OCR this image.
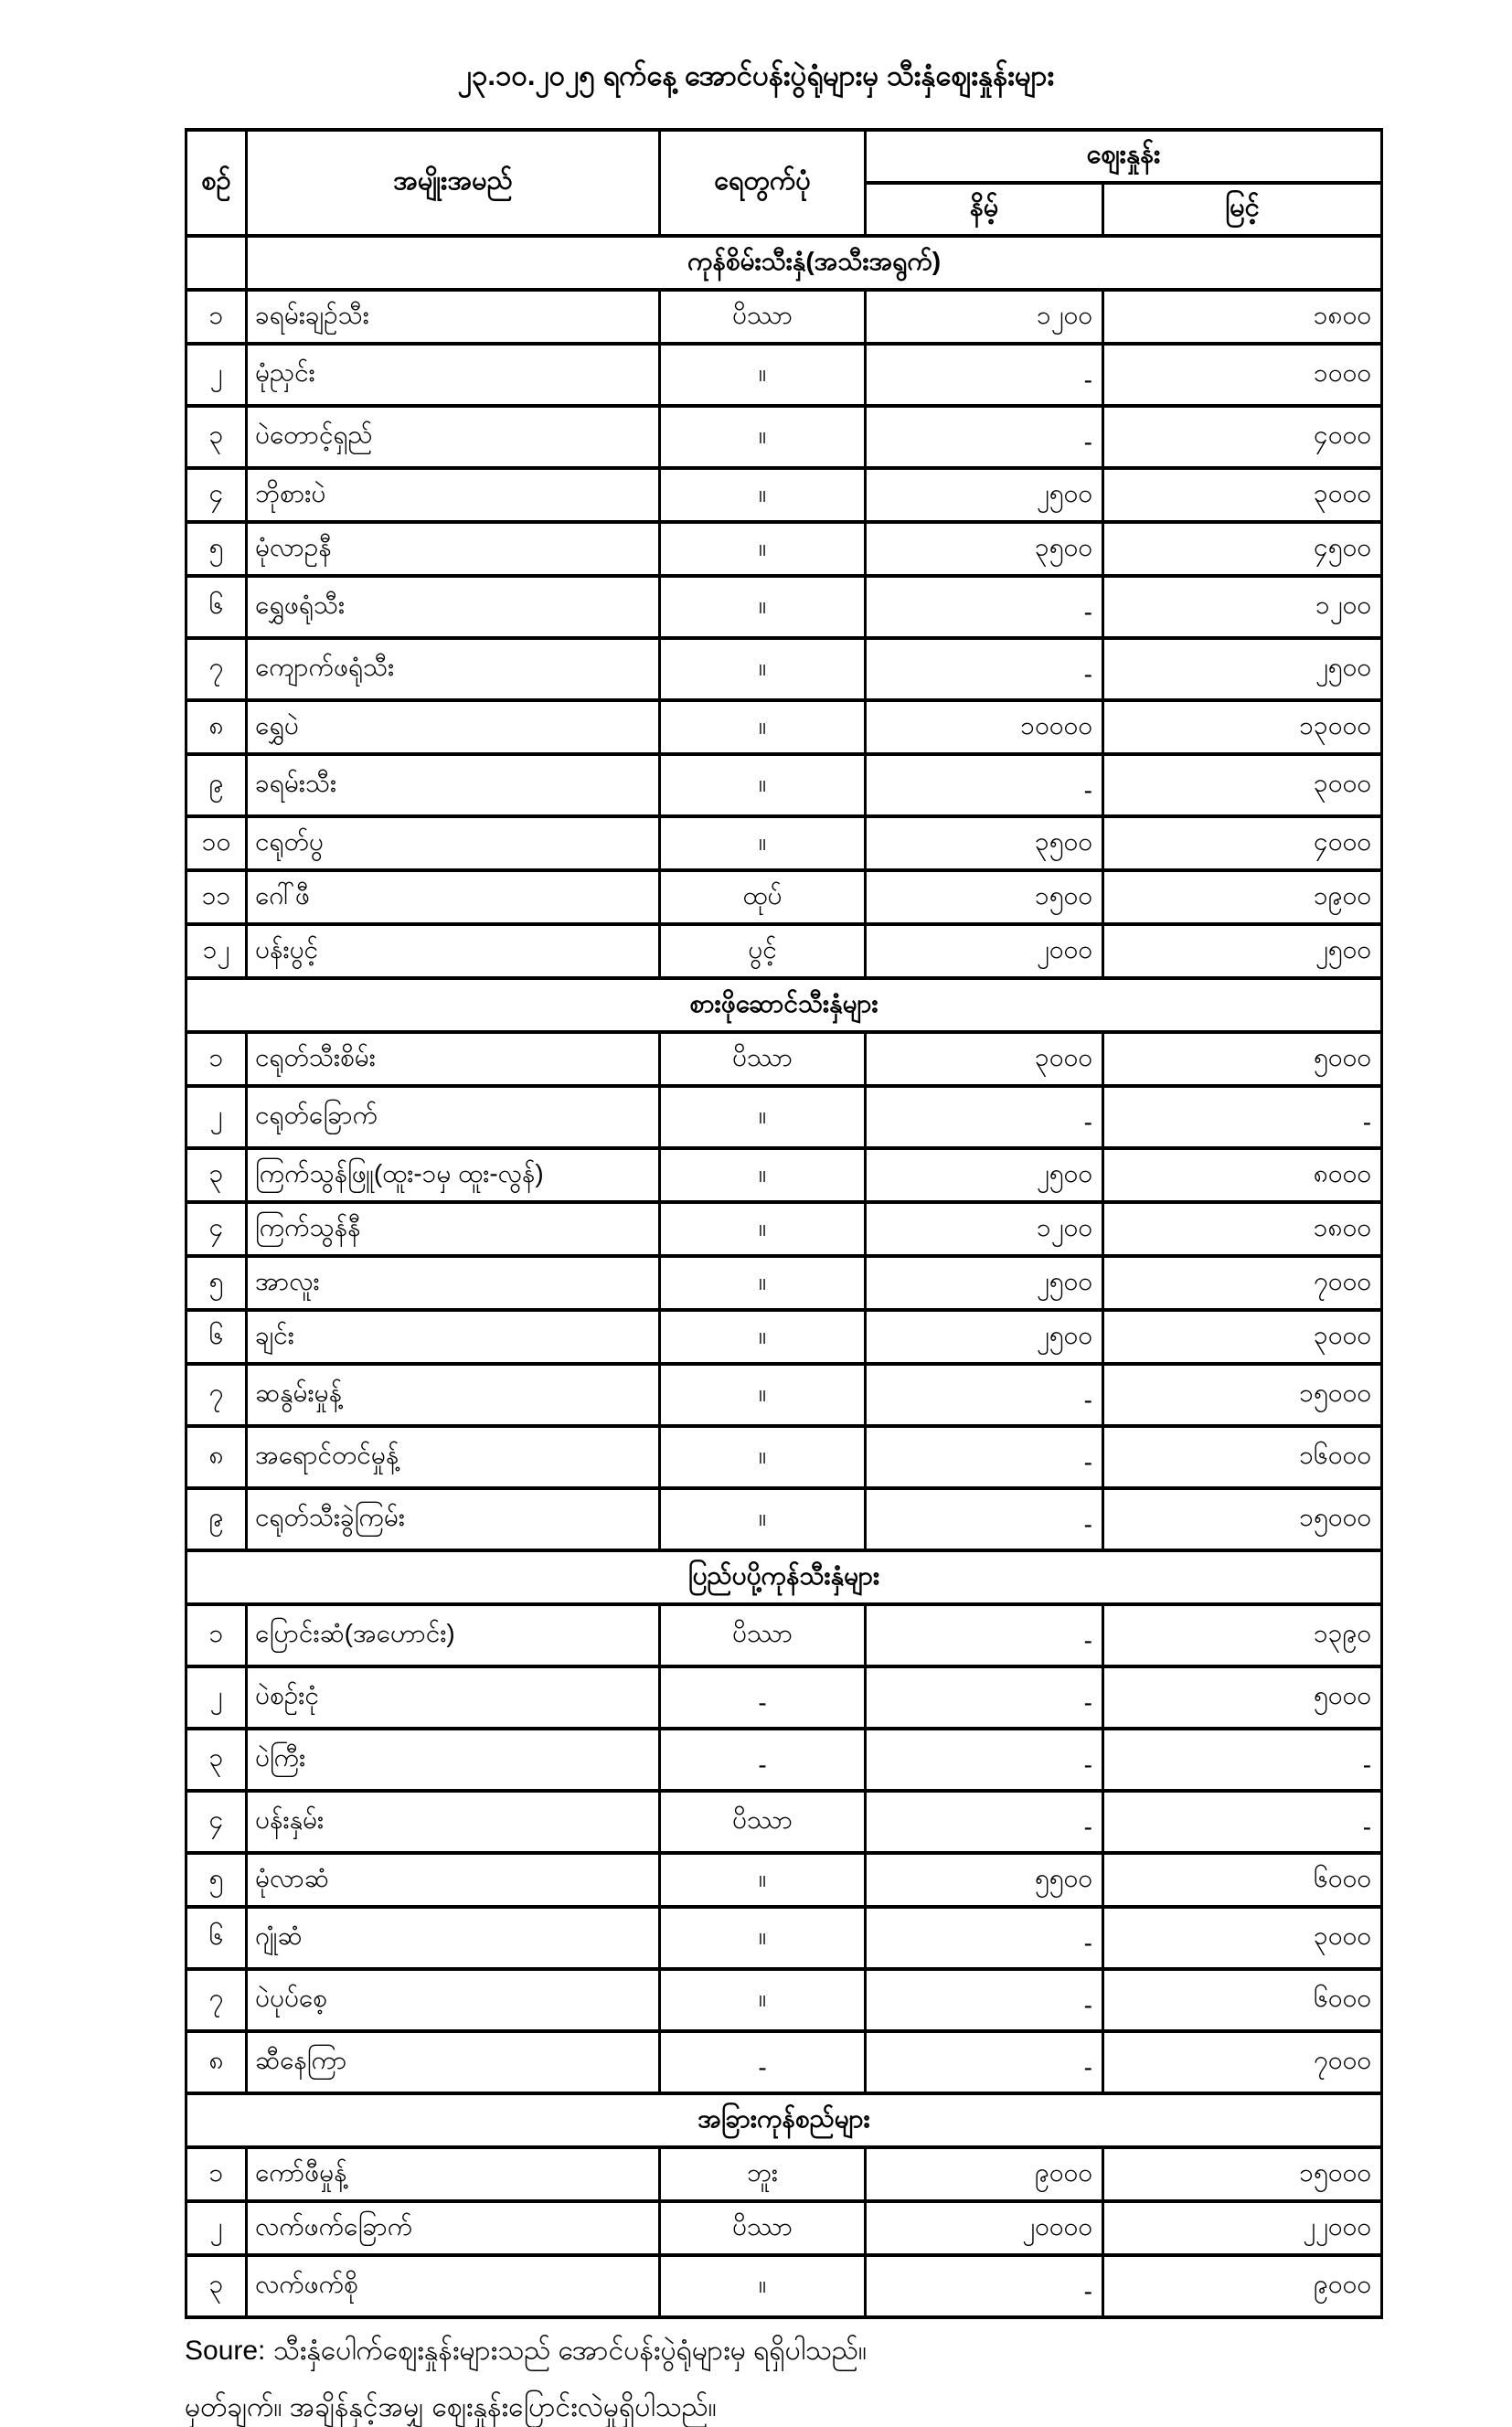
၂၃.၁၀.၂၀၂၅ ရက်နေ့ အောင်ပန်းပွဲရုံများမှ သီးနှံဈေးနှုန်းများ
စဉ်	အမျိုးအမည်	ရေတွက်ပုံ	ဈေးနှုန်း	
			နိမ့်	မြင့်
	ကုန်စိမ်းသီးနှံ(အသီးအရွက်)			
၁	ခရမ်းချဉ်သီး	ပိဿာ	၁၂၀၀	၁၈၀၀
၂	မုံညှင်း	။	-	၁၀၀၀
၃	ပဲတောင့်ရှည်	။	-	၄၀၀၀
၄	ဘိုစားပဲ	။	၂၅၀၀	၃၀၀၀
၅	မုံလာဥနီ	။	၃၅၀၀	၄၅၀၀
၆	ရွှေဖရုံသီး	။	-	၁၂၀၀
၇	ကျောက်ဖရုံသီး	။	-	၂၅၀၀
၈	ရွှေပဲ	။	၁၀၀၀၀	၁၃၀၀၀
၉	ခရမ်းသီး	။	-	၃၀၀၀
၁၀	ငရုတ်ပွ	။	၃၅၀၀	၄၀၀၀
၁၁	ဂေါ်ဖီ	ထုပ်	၁၅၀၀	၁၉၀၀
၁၂	ပန်းပွင့်	ပွင့်	၂၀၀၀	၂၅၀၀
စားဖိုဆောင်သီးနှံများ				
၁	ငရုတ်သီးစိမ်း	ပိဿာ	၃၀၀၀	၅၀၀၀
၂	ငရုတ်ခြောက်	။	-	-
၃	ကြက်သွန်ဖြူ(ထူး-၁မှ ထူး-လွန်)	။	၂၅၀၀	၈၀၀၀
၄	ကြက်သွန်နီ	။	၁၂၀၀	၁၈၀၀
၅	အာလူး	။	၂၅၀၀	၇၀၀၀
၆	ချင်း	။	၂၅၀၀	၃၀၀၀
၇	ဆနွမ်းမှုန့်	။	-	၁၅၀၀၀
၈	အရောင်တင်မှုန့်	။	-	၁၆၀၀၀
၉	ငရုတ်သီးခွဲကြမ်း	။	-	၁၅၀၀၀
ပြည်ပပို့ကုန်သီးနှံများ				
၁	ပြောင်းဆံ(အဟောင်း)	ပိဿာ	-	၁၃၉၀
၂	ပဲစဉ်းငုံ	-	-	၅၀၀၀
၃	ပဲကြီး	-	-	-
၄	ပန်းနှမ်း	ပိဿာ	-	-
၅	မုံလာဆံ	။	၅၅၀၀	၆၀၀၀
၆	ဂျုံဆံ	။	-	၃၀၀၀
၇	ပဲပုပ်စေ့	။	-	၆၀၀၀
၈	ဆီနေကြာ	-	-	၇၀၀၀
အခြားကုန်စည်များ				
၁	ကော်ဖီမှုန့်	ဘူး	၉၀၀၀	၁၅၀၀၀
၂	လက်ဖက်ခြောက်	ပိဿာ	၂၀၀၀၀	၂၂၀၀၀
၃	လက်ဖက်စို	။	-	၉၀၀၀

Soure: သီးနှံပေါက်ဈေးနှုန်းများသည် အောင်ပန်းပွဲရုံများမှ ရရှိပါသည်။

မှတ်ချက်။ အချိန်နှင့်အမျှ ဈေးနှုန်းပြောင်းလဲမှုရှိပါသည်။
